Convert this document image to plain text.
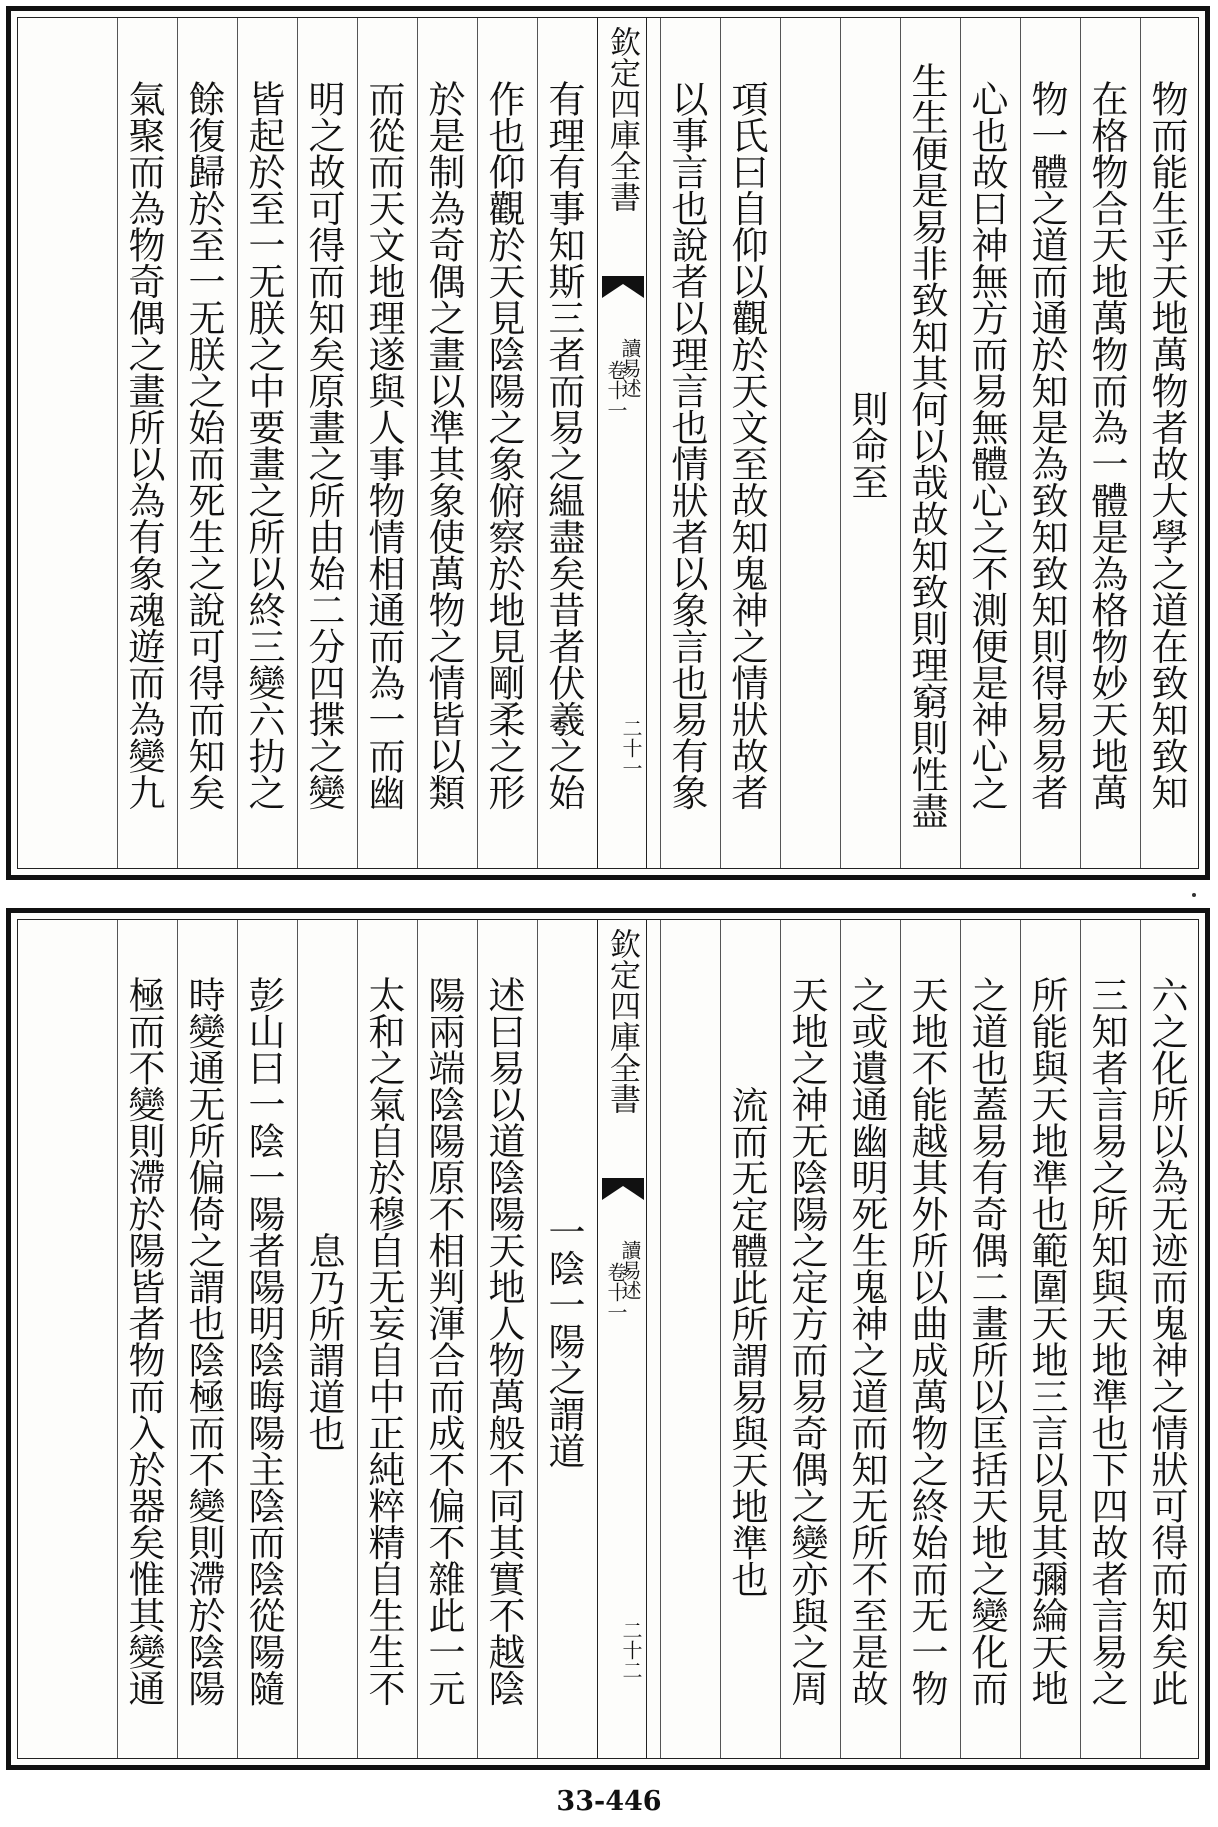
物而能生乎天地萬物者故大學之道在致知致知
在格物合天地萬物而為一體是為格物妙天地萬
物一體之道而通於知是為致知致知則得易易者
心也故曰神無方而易無體心之不測便是神心之
生生便是易非致知其何以哉故知致則理窮則性盡
則命至
項氏曰自仰以觀於天文至故知鬼神之情狀故者
以事言也說者以理言也情狀者以象言也易有象
欽定四庫全書
讀易述
卷十一
二十一
有理有事知斯三者而易之緼盡矣昔者伏羲之始
作也仰觀於天見陰陽之象俯察於地見剛柔之形
於是制為奇偶之畫以準其象使萬物之情皆以類
而從而天文地理遂與人事物情相通而為一而幽
明之故可得而知矣原畫之所由始二分四揲之變
皆起於至一无朕之中要畫之所以終三變六扐之
餘復歸於至一无朕之始而死生之說可得而知矣
氣聚而為物奇偶之畫所以為有象魂遊而為變九
六之化所以為无迹而鬼神之情狀可得而知矣此
三知者言易之所知與天地準也下四故者言易之
所能與天地準也範圍天地三言以見其彌綸天地
之道也蓋易有奇偶二畫所以匡括天地之變化而
天地不能越其外所以曲成萬物之終始而无一物
之或遺通幽明死生鬼神之道而知无所不至是故
天地之神无陰陽之定方而易奇偶之變亦與之周
流而无定體此所謂易與天地準也
欽定四庫全書
讀易述
卷十一
二十二
一陰一陽之謂道
述曰易以道陰陽天地人物萬般不同其實不越陰
陽兩端陰陽原不相判渾合而成不偏不雜此一元
太和之氣自於穆自无妄自中正純粹精自生生不
息乃所謂道也
彭山曰一陰一陽者陽明陰晦陽主陰而陰從陽隨
時變通无所偏倚之謂也陰極而不變則滯於陰陽
極而不變則滯於陽皆者物而入於器矣惟其變通
33-446
